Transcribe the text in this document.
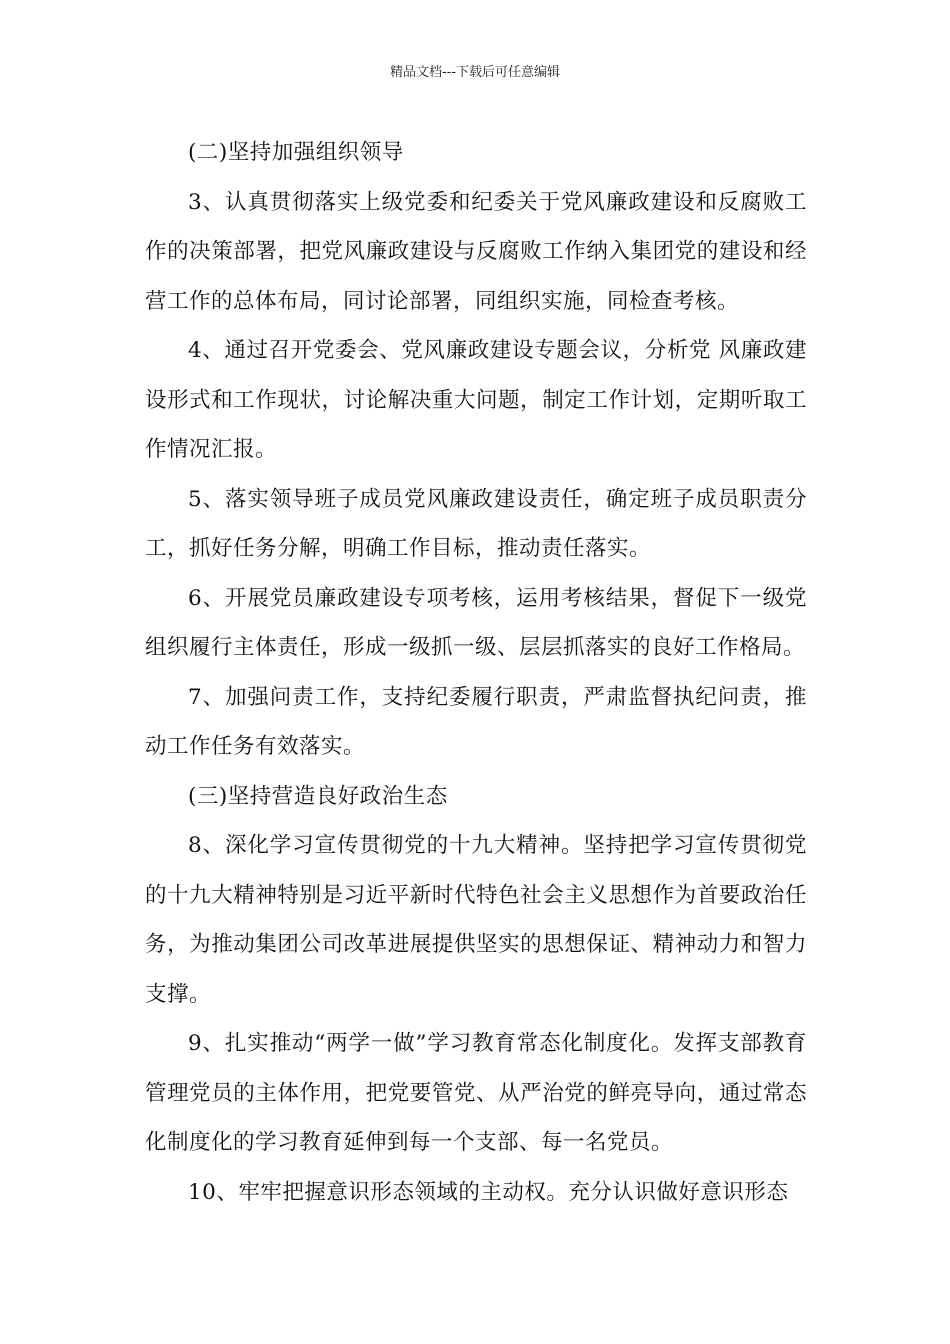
精品文档---下载后可任意编辑

(二)坚持加强组织领导

3、认真贯彻落实上级党委和纪委关于党风廉政建设和反腐败工作的决策部署，把党风廉政建设与反腐败工作纳入集团党的建设和经营工作的总体布局，同讨论部署，同组织实施，同检查考核。

4、通过召开党委会、党风廉政建设专题会议，分析党 风廉政建设形式和工作现状，讨论解决重大问题，制定工作计划，定期听取工作情况汇报。

5、落实领导班子成员党风廉政建设责任，确定班子成员职责分工，抓好任务分解，明确工作目标，推动责任落实。

6、开展党员廉政建设专项考核，运用考核结果，督促下一级党组织履行主体责任，形成一级抓一级、层层抓落实的良好工作格局。

7、加强问责工作，支持纪委履行职责，严肃监督执纪问责，推动工作任务有效落实。

(三)坚持营造良好政治生态

8、深化学习宣传贯彻党的十九大精神。坚持把学习宣传贯彻党的十九大精神特别是习近平新时代特色社会主义思想作为首要政治任务，为推动集团公司改革进展提供坚实的思想保证、精神动力和智力支撑。

9、扎实推动“两学一做”学习教育常态化制度化。发挥支部教育管理党员的主体作用，把党要管党、从严治党的鲜亮导向，通过常态化制度化的学习教育延伸到每一个支部、每一名党员。

10、牢牢把握意识形态领域的主动权。充分认识做好意识形态
